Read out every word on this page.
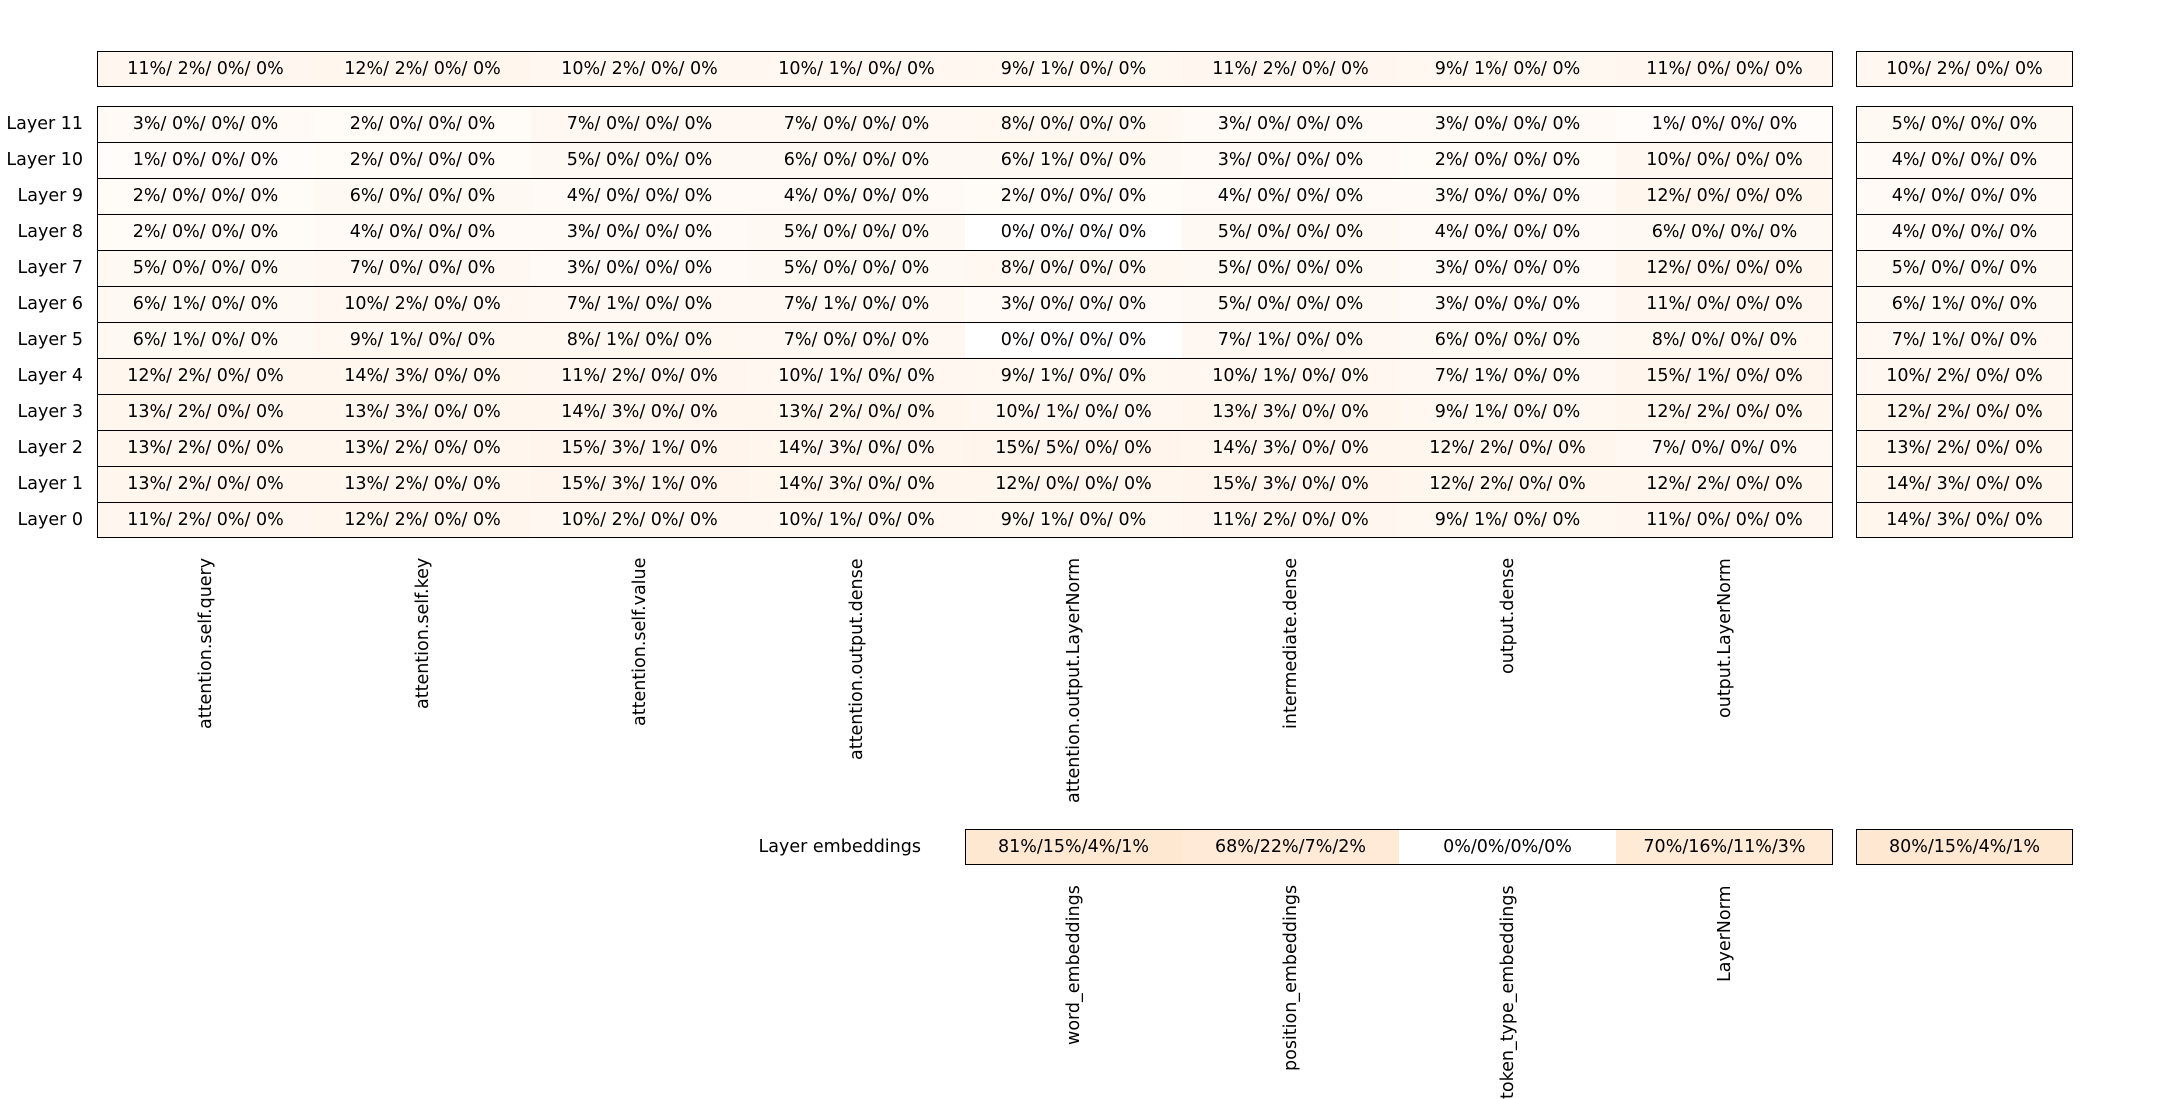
11%/ 2%/ 0%/ 0%	12%/ 2%/ 0%/ 0%	10%/ 2%/ 0%/ 0%	10%/ 1%/ 0%/ 0%	9%/ 1%/ 0%/ 0%	11%/ 2%/ 0%/ 0%	9%/ 1%/ 0%/ 0%	11%/ 0%/ 0%/ 0%	10%/ 2%/ 0%/ 0%
Layer 11	3%/ 0%/ 0%/ 0%	2%/ 0%/ 0%/ 0%	7%/ 0%/ 0%/ 0%	7%/ 0%/ 0%/ 0%	8%/ 0%/ 0%/ 0%	3%/ 0%/ 0%/ 0%	3%/ 0%/ 0%/ 0%	1%/ 0%/ 0%/ 0%	5%/ 0%/ 0%/ 0%
Layer 10	1%/ 0%/ 0%/ 0%	2%/ 0%/ 0%/ 0%	5%/ 0%/ 0%/ 0%	6%/ 0%/ 0%/ 0%	6%/ 1%/ 0%/ 0%	3%/ 0%/ 0%/ 0%	2%/ 0%/ 0%/ 0%	10%/ 0%/ 0%/ 0%	4%/ 0%/ 0%/ 0%
Layer 9	2%/ 0%/ 0%/ 0%	6%/ 0%/ 0%/ 0%	4%/ 0%/ 0%/ 0%	4%/ 0%/ 0%/ 0%	2%/ 0%/ 0%/ 0%	4%/ 0%/ 0%/ 0%	3%/ 0%/ 0%/ 0%	12%/ 0%/ 0%/ 0%	4%/ 0%/ 0%/ 0%
Layer 8	2%/ 0%/ 0%/ 0%	4%/ 0%/ 0%/ 0%	3%/ 0%/ 0%/ 0%	5%/ 0%/ 0%/ 0%	0%/ 0%/ 0%/ 0%	5%/ 0%/ 0%/ 0%	4%/ 0%/ 0%/ 0%	6%/ 0%/ 0%/ 0%	4%/ 0%/ 0%/ 0%
Layer 7	5%/ 0%/ 0%/ 0%	7%/ 0%/ 0%/ 0%	3%/ 0%/ 0%/ 0%	5%/ 0%/ 0%/ 0%	8%/ 0%/ 0%/ 0%	5%/ 0%/ 0%/ 0%	3%/ 0%/ 0%/ 0%	12%/ 0%/ 0%/ 0%	5%/ 0%/ 0%/ 0%
Layer 6	6%/ 1%/ 0%/ 0%	10%/ 2%/ 0%/ 0%	7%/ 1%/ 0%/ 0%	7%/ 1%/ 0%/ 0%	3%/ 0%/ 0%/ 0%	5%/ 0%/ 0%/ 0%	3%/ 0%/ 0%/ 0%	11%/ 0%/ 0%/ 0%	6%/ 1%/ 0%/ 0%
Layer 5	6%/ 1%/ 0%/ 0%	9%/ 1%/ 0%/ 0%	8%/ 1%/ 0%/ 0%	7%/ 0%/ 0%/ 0%	0%/ 0%/ 0%/ 0%	7%/ 1%/ 0%/ 0%	6%/ 0%/ 0%/ 0%	8%/ 0%/ 0%/ 0%	7%/ 1%/ 0%/ 0%
Layer 4	12%/ 2%/ 0%/ 0%	14%/ 3%/ 0%/ 0%	11%/ 2%/ 0%/ 0%	10%/ 1%/ 0%/ 0%	9%/ 1%/ 0%/ 0%	10%/ 1%/ 0%/ 0%	7%/ 1%/ 0%/ 0%	15%/ 1%/ 0%/ 0%	10%/ 2%/ 0%/ 0%
Layer 3	13%/ 2%/ 0%/ 0%	13%/ 3%/ 0%/ 0%	14%/ 3%/ 0%/ 0%	13%/ 2%/ 0%/ 0%	10%/ 1%/ 0%/ 0%	13%/ 3%/ 0%/ 0%	9%/ 1%/ 0%/ 0%	12%/ 2%/ 0%/ 0%	12%/ 2%/ 0%/ 0%
Layer 2	13%/ 2%/ 0%/ 0%	13%/ 2%/ 0%/ 0%	15%/ 3%/ 1%/ 0%	14%/ 3%/ 0%/ 0%	15%/ 5%/ 0%/ 0%	14%/ 3%/ 0%/ 0%	12%/ 2%/ 0%/ 0%	7%/ 0%/ 0%/ 0%	13%/ 2%/ 0%/ 0%
Layer 1	13%/ 2%/ 0%/ 0%	13%/ 2%/ 0%/ 0%	15%/ 3%/ 1%/ 0%	14%/ 3%/ 0%/ 0%	12%/ 0%/ 0%/ 0%	15%/ 3%/ 0%/ 0%	12%/ 2%/ 0%/ 0%	12%/ 2%/ 0%/ 0%	14%/ 3%/ 0%/ 0%
Layer 0	11%/ 2%/ 0%/ 0%	12%/ 2%/ 0%/ 0%	10%/ 2%/ 0%/ 0%	10%/ 1%/ 0%/ 0%	9%/ 1%/ 0%/ 0%	11%/ 2%/ 0%/ 0%	9%/ 1%/ 0%/ 0%	11%/ 0%/ 0%/ 0%	14%/ 3%/ 0%/ 0%
attention.self.query	attention.self.key	attention.self.value	attention.output.dense	attention.output.LayerNorm	intermediate.dense	output.dense	output.LayerNorm
Layer embeddings	81%/15%/4%/1%	68%/22%/7%/2%	0%/0%/0%/0%	70%/16%/11%/3%	80%/15%/4%/1%
word_embeddings	position_embeddings	token_type_embeddings	LayerNorm
